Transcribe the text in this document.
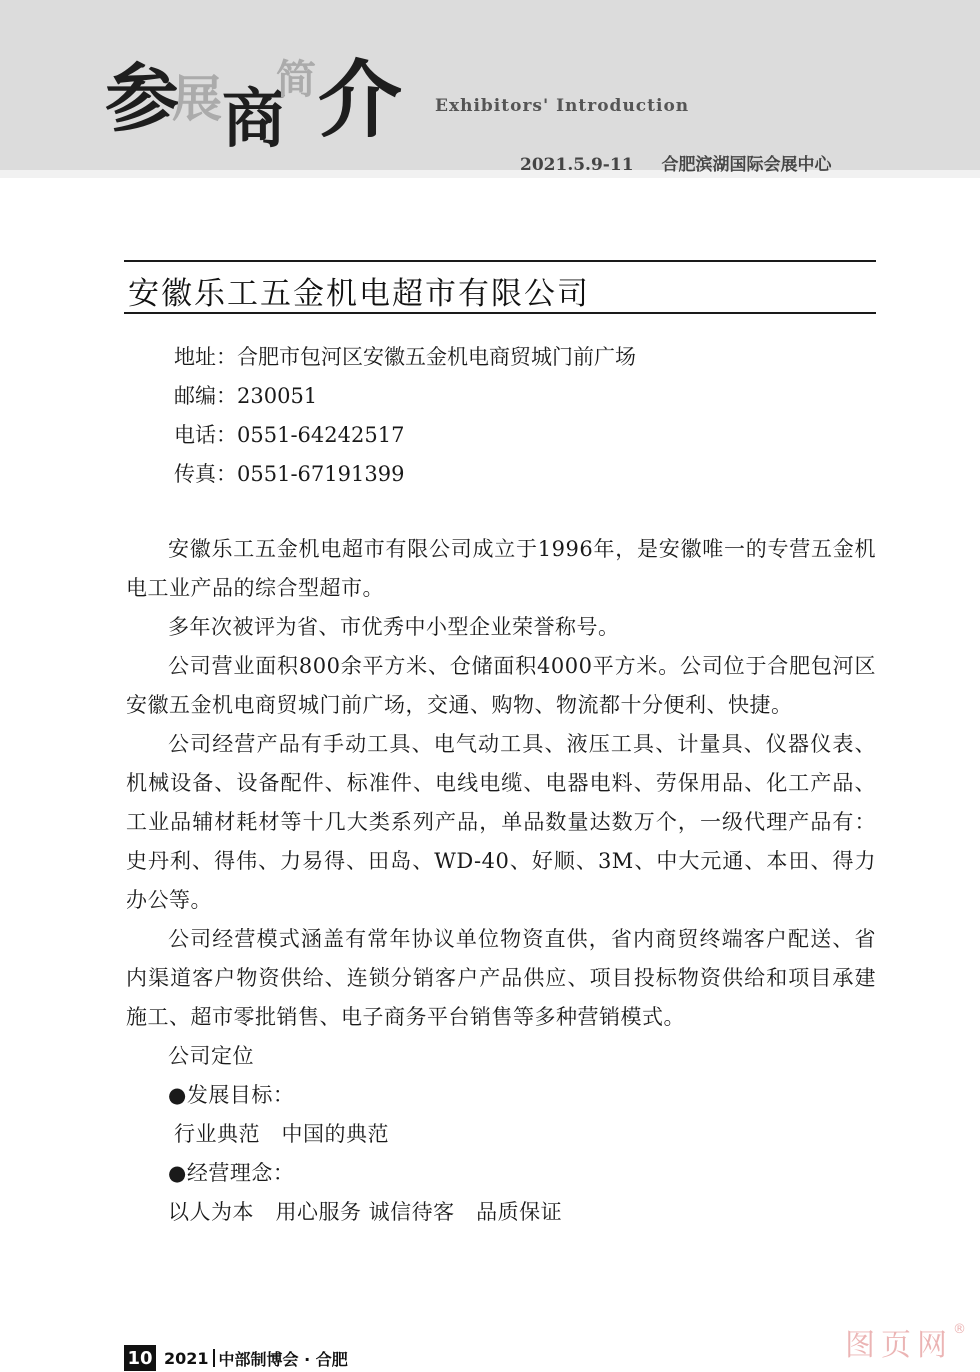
参
展 商
简 介 Exhibitors' Introduction
2021.5.9-11 合肥滨湖国际会展中心
安徽乐工五金机电超市有限公司
地址：合肥市包河区安徽五金机电商贸城门前广场
邮编：230051
电话：0551-64242517
传真：0551-67191399

安徽乐工五金机电超市有限公司成立于1996年，是安徽唯一的专营五金机电工业产品的综合型超市。

多年次被评为省、市优秀中小型企业荣誉称号。

公司营业面积800余平方米、仓储面积4000平方米。公司位于合肥包河区安徽五金机电商贸城门前广场，交通、购物、物流都十分便利、快捷。

公司经营产品有手动工具、电气动工具、液压工具、计量具、仪器仪表、机械设备、设备配件、标准件、电线电缆、电器电料、劳保用品、化工产品、工业品辅材耗材等十几大类系列产品，单品数量达数万个，一级代理产品有：史丹利、得伟、力易得、田岛、WD-40、好顺、3M、中大元通、本田、得力办公等。

公司经营模式涵盖有常年协议单位物资直供，省内商贸终端客户配送、省内渠道客户物资供给、连锁分销客户产品供应、项目投标物资供给和项目承建施工、超市零批销售、电子商务平台销售等多种营销模式。

公司定位

●发展目标：

行业典范　中国的典范

●经营理念：

以人为本　用心服务 诚信待客　品质保证

10 2021 中部制博会 · 合肥	图页网®
